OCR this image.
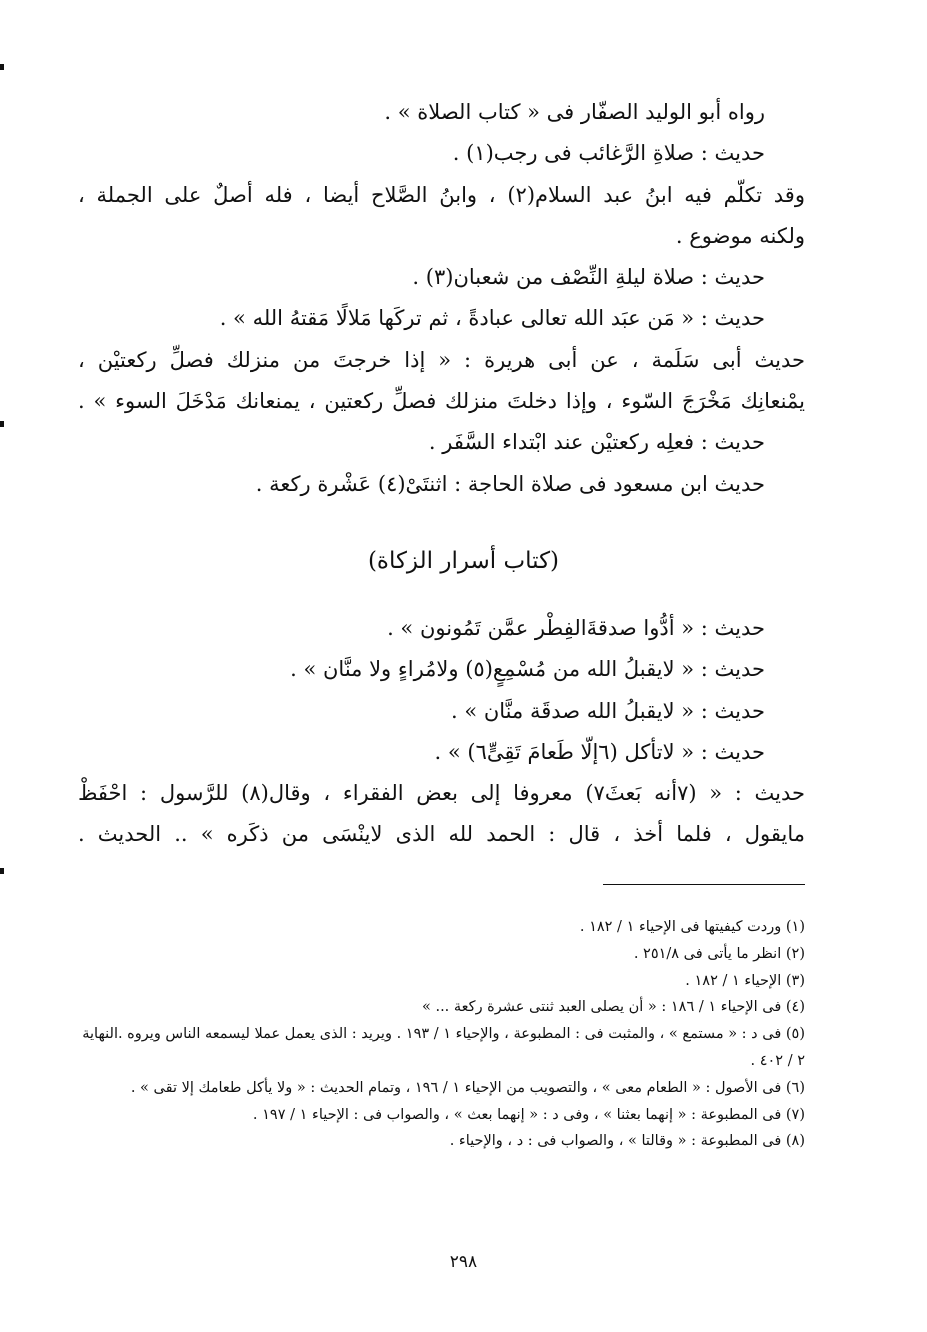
رواه أبو الوليد الصفّار فى « كتاب الصلاة » .

حديث : صلاةِ الرَّغائب فى رجب(١) .

وقد تكلّم فيه ابنُ عبد السلام(٢) ، وابنُ الصَّلاح أيضا ، فله أصلٌ على الجملة ،

ولكنه موضوع .

حديث : صلاة ليلةِ النِّصْف من شعبان(٣) .

حديث : « مَن عبَد الله تعالى عبادةً ، ثم تركَها مَلالًا مَقتهُ الله » .

حديث أبى سَلَمة ، عن أبى هريرة : « إذا خرجتَ من منزلك فصلِّ ركعتيْن ،

يمْنعانِك مَخْرَجَ السّوء ، وإذا دخلتَ منزلك فصلِّ ركعتين ، يمنعانك مَدْخَلَ السوء » .

حديث : فعلِه ركعتيْن عند ابْتداء السَّفَر .

حديث ابن مسعود فى صلاة الحاجة : اثنتَىْ(٤) عَشْرة ركعة .

(كتاب أسرار الزكاة)

حديث : « أدُّوا صدقةَالفِطْر عمَّن تَمُونون » .

حديث : « لايقبلُ الله من مُسْمِعٍ(٥) ولامُراءٍ ولا منَّان » .

حديث : « لايقبلُ الله صدقَة منَّان » .

حديث : « لاتأكل (٦إلّا طَعامَ تَقِىٍّ٦) » .

حديث : « (٧أنه بَعثَ٧) معروفا إلى بعض الفقراء ، وقال(٨) للرَّسول : احْفَظْ

مايقول ، فلما أخذ ، قال : الحمد لله الذى لاينْسَى من ذكَره » .. الحديث .

(١) وردت كيفيتها فى الإحياء ١ / ١٨٢ .

(٢) انظر ما يأتى فى ٢٥١/٨ .

(٣) الإحياء ١ / ١٨٢ .

(٤) فى الإحياء ١ / ١٨٦ : « أن يصلى العبد ثنتى عشرة ركعة ... »

(٥) فى د : « مستمع » ، والمثبت فى : المطبوعة ، والإحياء ١ / ١٩٣ . ويريد : الذى يعمل عملا ليسمعه الناس ويروه .النهاية ٢ / ٤٠٢ .

(٦) فى الأصول : « الطعام معى » ، والتصويب من الإحياء ١ / ١٩٦ ، وتمام الحديث : « ولا يأكل طعامك إلا تقى » .

(٧) فى المطبوعة : « إنهما بعثنا » ، وفى د : « إنهما بعث » ، والصواب فى : الإحياء ١ / ١٩٧ .

(٨) فى المطبوعة : « وقالتا » ، والصواب فى : د ، والإحياء .

٢٩٨
